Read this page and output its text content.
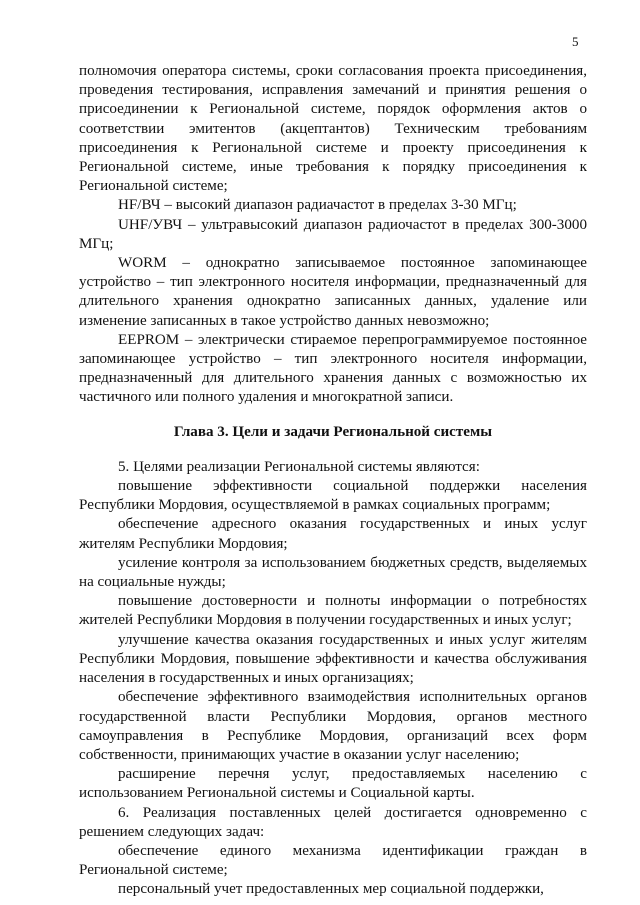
5

полномочия оператора системы, сроки согласования проекта присоединения, проведения тестирования, исправления замечаний и принятия решения о присоединении к Региональной системе, порядок оформления актов о соответствии эмитентов (акцептантов) Техническим требованиям присоединения к Региональной системе и проекту присоединения к Региональной системе, иные требования к порядку присоединения к Региональной системе;

HF/ВЧ – высокий диапазон радиачастот в пределах 3-30 МГц;

UHF/УВЧ – ультравысокий диапазон радиочастот в пределах 300-3000 МГц;

WORM – однократно записываемое постоянное запоминающее устройство – тип электронного носителя информации, предназначенный для длительного хранения однократно записанных данных, удаление или изменение записанных в такое устройство данных невозможно;

EEPROM – электрически стираемое перепрограммируемое постоянное запоминающее устройство – тип электронного носителя информации, предназначенный для длительного хранения данных с возможностью их частичного или полного удаления и многократной записи.

Глава 3. Цели и задачи Региональной системы

5. Целями реализации Региональной системы являются:

повышение эффективности социальной поддержки населения Республики Мордовия, осуществляемой в рамках социальных программ;

обеспечение адресного оказания государственных и иных услуг жителям Республики Мордовия;

усиление контроля за использованием бюджетных средств, выделяемых на социальные нужды;

повышение достоверности и полноты информации о потребностях жителей Республики Мордовия в получении государственных и иных услуг;

улучшение качества оказания государственных и иных услуг жителям Республики Мордовия, повышение эффективности и качества обслуживания населения в государственных и иных организациях;

обеспечение эффективного взаимодействия исполнительных органов государственной власти Республики Мордовия, органов местного самоуправления в Республике Мордовия, организаций всех форм собственности, принимающих участие в оказании услуг населению;

расширение перечня услуг, предоставляемых населению с использованием Региональной системы и Социальной карты.

6. Реализация поставленных целей достигается одновременно с решением следующих задач:

обеспечение единого механизма идентификации граждан в Региональной системе;

персональный учет предоставленных мер социальной поддержки,
